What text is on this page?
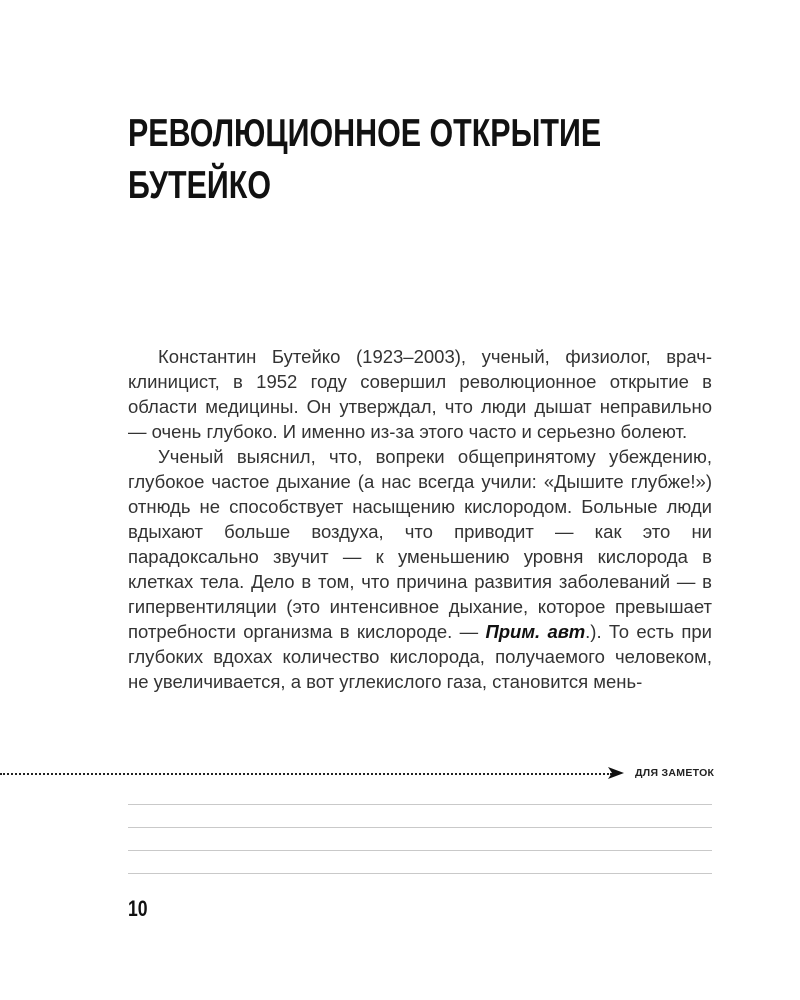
РЕВОЛЮЦИОННОЕ ОТКРЫТИЕ
БУТЕЙКО

Константин Бутейко (1923–2003), ученый, физиолог, врач-клиницист, в 1952 году совершил революционное открытие в области медицины. Он утверждал, что люди дышат неправильно — очень глубоко. И именно из-за этого часто и серьезно болеют.

Ученый выяснил, что, вопреки общепринятому убеждению, глубокое частое дыхание (а нас всегда учили: «Дышите глубже!») отнюдь не способствует насыщению кислородом. Больные люди вдыхают больше воздуха, что приводит — как это ни парадоксально звучит — к уменьшению уровня кислорода в клетках тела. Дело в том, что причина развития заболеваний — в гипервентиляции (это интенсивное дыхание, которое превышает потребности организма в кислороде. — Прим. авт.). То есть при глубоких вдохах количество кислорода, получаемого человеком, не увеличивается, а вот углекислого газа, становится мень-

ДЛЯ ЗАМЕТОК
10
